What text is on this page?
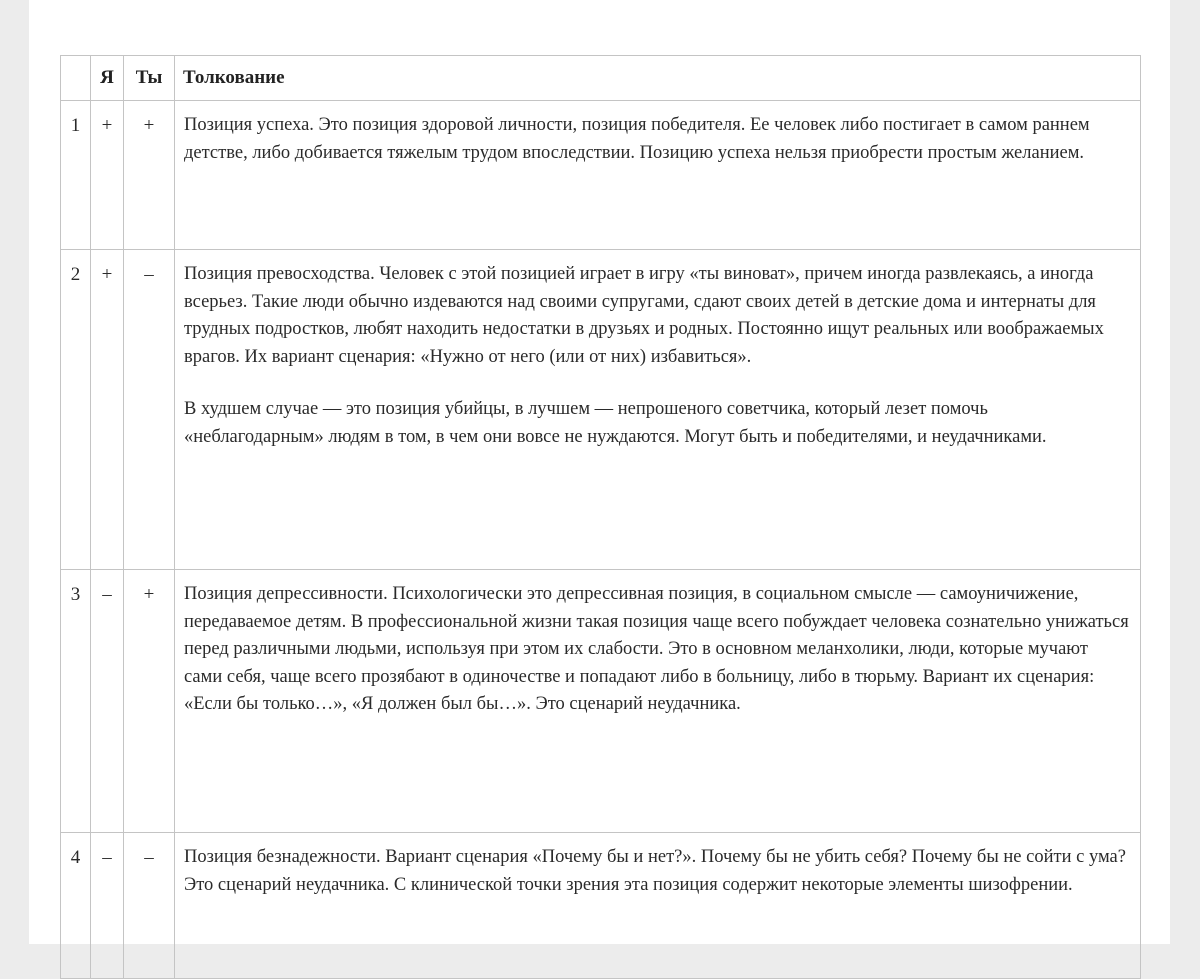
	Я	Ты	Толкование
1	+	+	Позиция успеха. Это позиция здоровой личности, позиция победителя. Ее человек либо постигает в самом раннем детстве, либо добивается тяжелым трудом впоследствии. Позицию успеха нельзя приобрести простым желанием.

2	+	–	Позиция превосходства. Человек с этой позицией играет в игру «ты виноват», причем иногда развлекаясь, а иногда всерьез. Такие люди обычно издеваются над своими супругами, сдают своих детей в детские дома и интернаты для трудных подростков, любят находить недостатки в друзьях и родных. Постоянно ищут реальных или воображаемых врагов. Их вариант сценария: «Нужно от него (или от них) избавиться».

В худшем случае — это позиция убийцы, в лучшем — непрошеного советчика, который лезет помочь «неблагодарным» людям в том, в чем они вовсе не нуждаются. Могут быть и победителями, и неудачниками.

3	–	+	Позиция депрессивности. Психологически это депрессивная позиция, в социальном смысле — самоуничижение, передаваемое детям. В профессиональной жизни такая позиция чаще всего побуждает человека сознательно унижаться перед различными людьми, используя при этом их слабости. Это в основном меланхолики, люди, которые мучают сами себя, чаще всего прозябают в одиночестве и попадают либо в больницу, либо в тюрьму. Вариант их сценария: «Если бы только…», «Я должен был бы…». Это сценарий неудачника.

4	–	–	Позиция безнадежности. Вариант сценария «Почему бы и нет?». Почему бы не убить себя? Почему бы не сойти с ума? Это сценарий неудачника. С клинической точки зрения эта позиция содержит некоторые элементы шизофрении.
